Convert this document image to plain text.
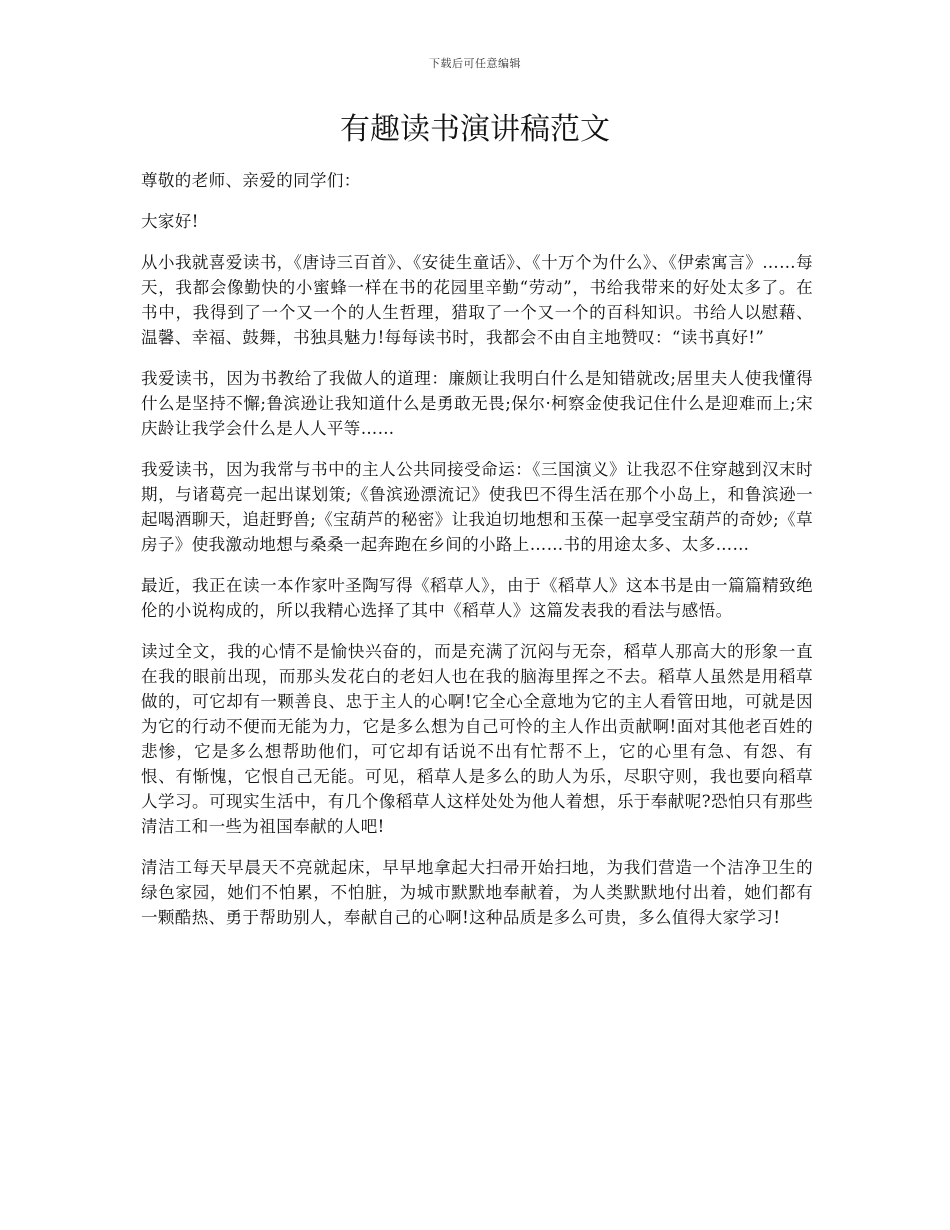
下载后可任意编辑
有趣读书演讲稿范文

尊敬的老师、亲爱的同学们：

大家好!

从小我就喜爱读书，《唐诗三百首》、《安徒生童话》、《十万个为什么》、《伊索寓言》……每天，我都会像勤快的小蜜蜂一样在书的花园里辛勤“劳动”，书给我带来的好处太多了。在书中，我得到了一个又一个的人生哲理，猎取了一个又一个的百科知识。书给人以慰藉、温馨、幸福、鼓舞，书独具魅力!每每读书时，我都会不由自主地赞叹：“读书真好!”

我爱读书，因为书教给了我做人的道理：廉颇让我明白什么是知错就改;居里夫人使我懂得什么是坚持不懈;鲁滨逊让我知道什么是勇敢无畏;保尔·柯察金使我记住什么是迎难而上;宋庆龄让我学会什么是人人平等……

我爱读书，因为我常与书中的主人公共同接受命运：《三国演义》让我忍不住穿越到汉末时期，与诸葛亮一起出谋划策;《鲁滨逊漂流记》使我巴不得生活在那个小岛上，和鲁滨逊一起喝酒聊天，追赶野兽;《宝葫芦的秘密》让我迫切地想和玉葆一起享受宝葫芦的奇妙;《草房子》使我激动地想与桑桑一起奔跑在乡间的小路上……书的用途太多、太多……

最近，我正在读一本作家叶圣陶写得《稻草人》，由于《稻草人》这本书是由一篇篇精致绝伦的小说构成的，所以我精心选择了其中《稻草人》这篇发表我的看法与感悟。

读过全文，我的心情不是愉快兴奋的，而是充满了沉闷与无奈，稻草人那高大的形象一直在我的眼前出现，而那头发花白的老妇人也在我的脑海里挥之不去。稻草人虽然是用稻草做的，可它却有一颗善良、忠于主人的心啊!它全心全意地为它的主人看管田地，可就是因为它的行动不便而无能为力，它是多么想为自己可怜的主人作出贡献啊!面对其他老百姓的悲惨，它是多么想帮助他们，可它却有话说不出有忙帮不上，它的心里有急、有怨、有恨、有惭愧，它恨自己无能。可见，稻草人是多么的助人为乐，尽职守则，我也要向稻草人学习。可现实生活中，有几个像稻草人这样处处为他人着想，乐于奉献呢?恐怕只有那些清洁工和一些为祖国奉献的人吧!

清洁工每天早晨天不亮就起床，早早地拿起大扫帚开始扫地，为我们营造一个洁净卫生的绿色家园，她们不怕累，不怕脏，为城市默默地奉献着，为人类默默地付出着，她们都有一颗酷热、勇于帮助别人，奉献自己的心啊!这种品质是多么可贵，多么值得大家学习!
